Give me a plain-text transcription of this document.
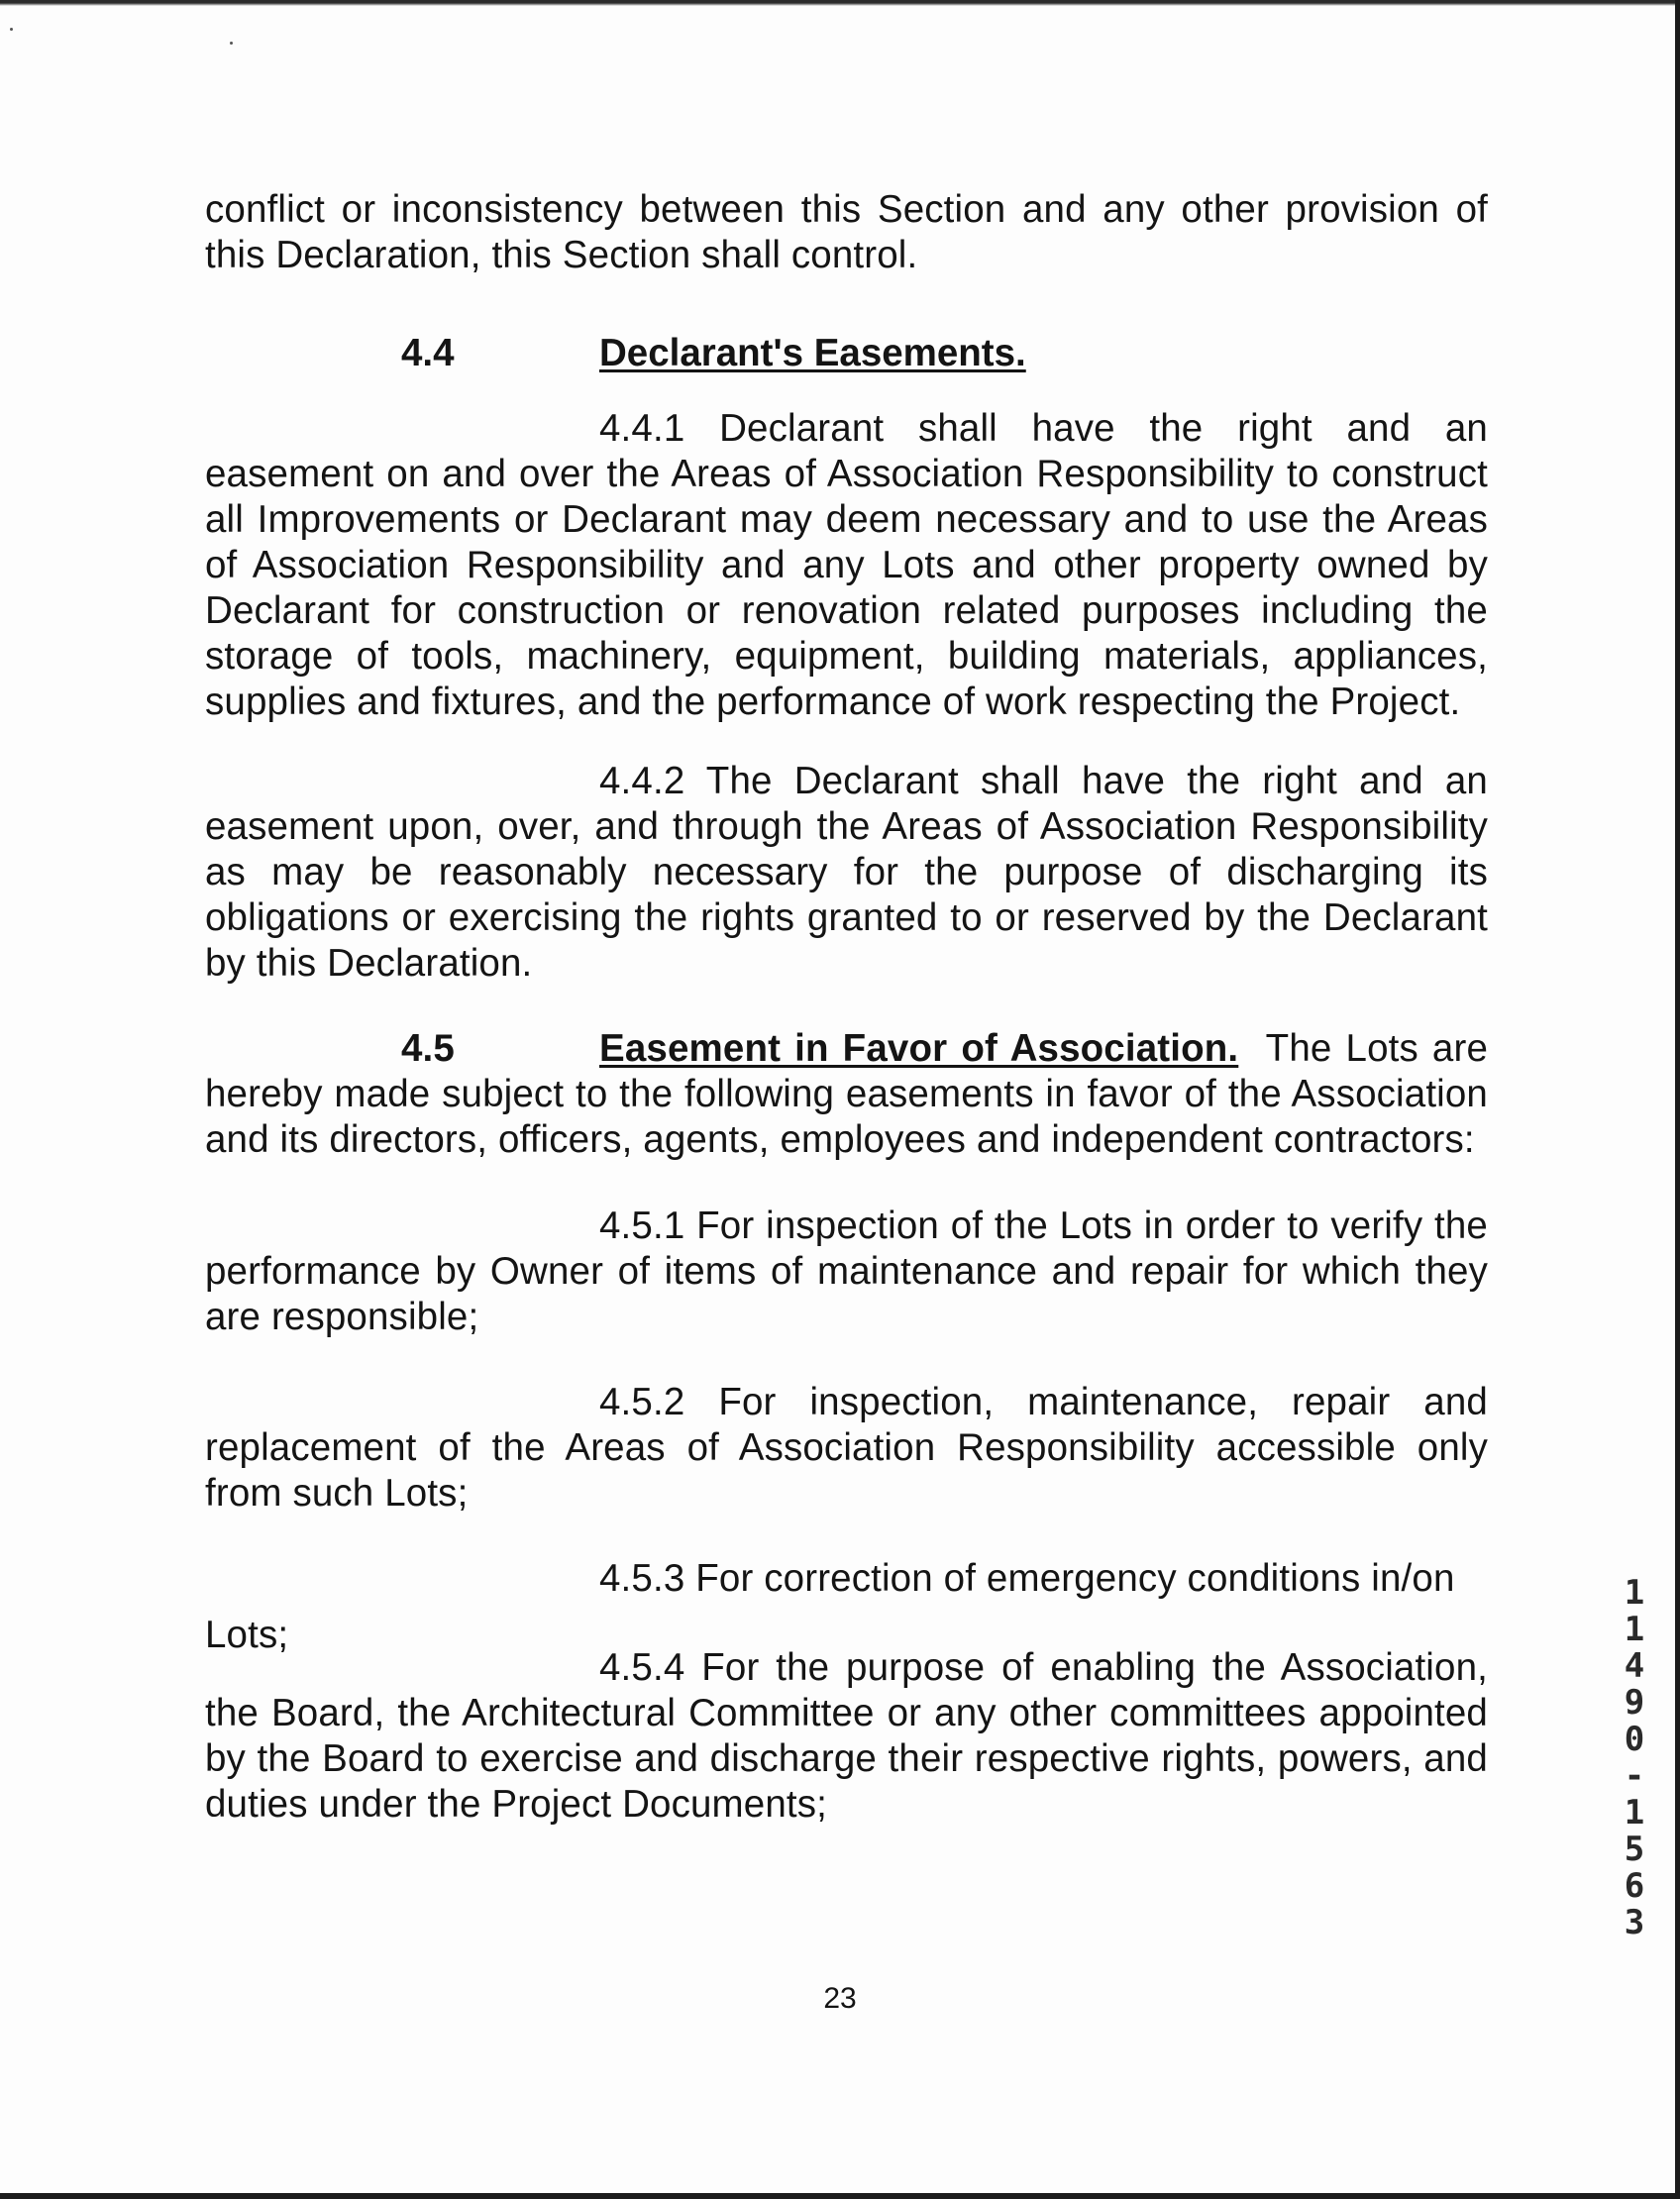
conflict or inconsistency between this Section and any other provision of this Declaration, this Section shall control.

4.4	Declarant's Easements.

4.4.1 Declarant shall have the right and an easement on and over the Areas of Association Responsibility to construct all Improvements or Declarant may deem necessary and to use the Areas of Association Responsibility and any Lots and other property owned by Declarant for construction or renovation related purposes including the storage of tools, machinery, equipment, building materials, appliances, supplies and fixtures, and the performance of work respecting the Project.

4.4.2 The Declarant shall have the right and an easement upon, over, and through the Areas of Association Responsibility as may be reasonably necessary for the purpose of discharging its obligations or exercising the rights granted to or reserved by the Declarant by this Declaration.

4.5	Easement in Favor of Association. The Lots are hereby made subject to the following easements in favor of the Association and its directors, officers, agents, employees and independent contractors:

4.5.1 For inspection of the Lots in order to verify the performance by Owner of items of maintenance and repair for which they are responsible;

4.5.2 For inspection, maintenance, repair and replacement of the Areas of Association Responsibility accessible only from such Lots;

4.5.3 For correction of emergency conditions in/on

Lots;

4.5.4 For the purpose of enabling the Association, the Board, the Architectural Committee or any other committees appointed by the Board to exercise and discharge their respective rights, powers, and duties under the Project Documents;

23

1149 0-1563
